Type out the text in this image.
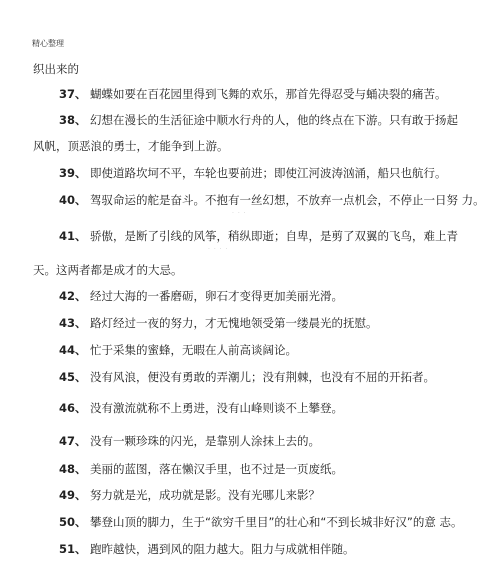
精心整理
织出来的
37、 蝴蝶如要在百花园里得到飞舞的欢乐，那首先得忍受与蛹决裂的痛苦。
38、 幻想在漫长的生活征途中顺水行舟的人，他的终点在下游。只有敢于扬起
风帆，顶恶浪的勇士，才能争到上游。
39、 即使道路坎坷不平，车轮也要前进；即使江河波涛汹涌，船只也航行。
40、 驾驭命运的舵是奋斗。不抱有一丝幻想，不放弃一点机会，不停止一日努 力。
· · ·
· · · ·
41、 骄傲，是断了引线的风筝，稍纵即逝；自卑，是剪了双翼的飞鸟，难上青
天。这两者都是成才的大忌。
42、 经过大海的一番磨砺，卵石才变得更加美丽光滑。
43、 路灯经过一夜的努力，才无愧地领受第一缕晨光的抚慰。
44、 忙于采集的蜜蜂，无暇在人前高谈阔论。
45、 没有风浪，便没有勇敢的弄潮儿；没有荆棘，也没有不屈的开拓者。
46、 没有激流就称不上勇进，没有山峰则谈不上攀登。
47、 没有一颗珍珠的闪光，是靠别人涂抹上去的。
48、 美丽的蓝图，落在懒汉手里，也不过是一页废纸。
49、 努力就是光，成功就是影。没有光哪儿来影？
50、 攀登山顶的脚力，生于“欲穷千里目”的壮心和“不到长城非好汉”的意 志。
51、 跑昨越快，遇到风的阻力越大。阻力与成就相伴随。
